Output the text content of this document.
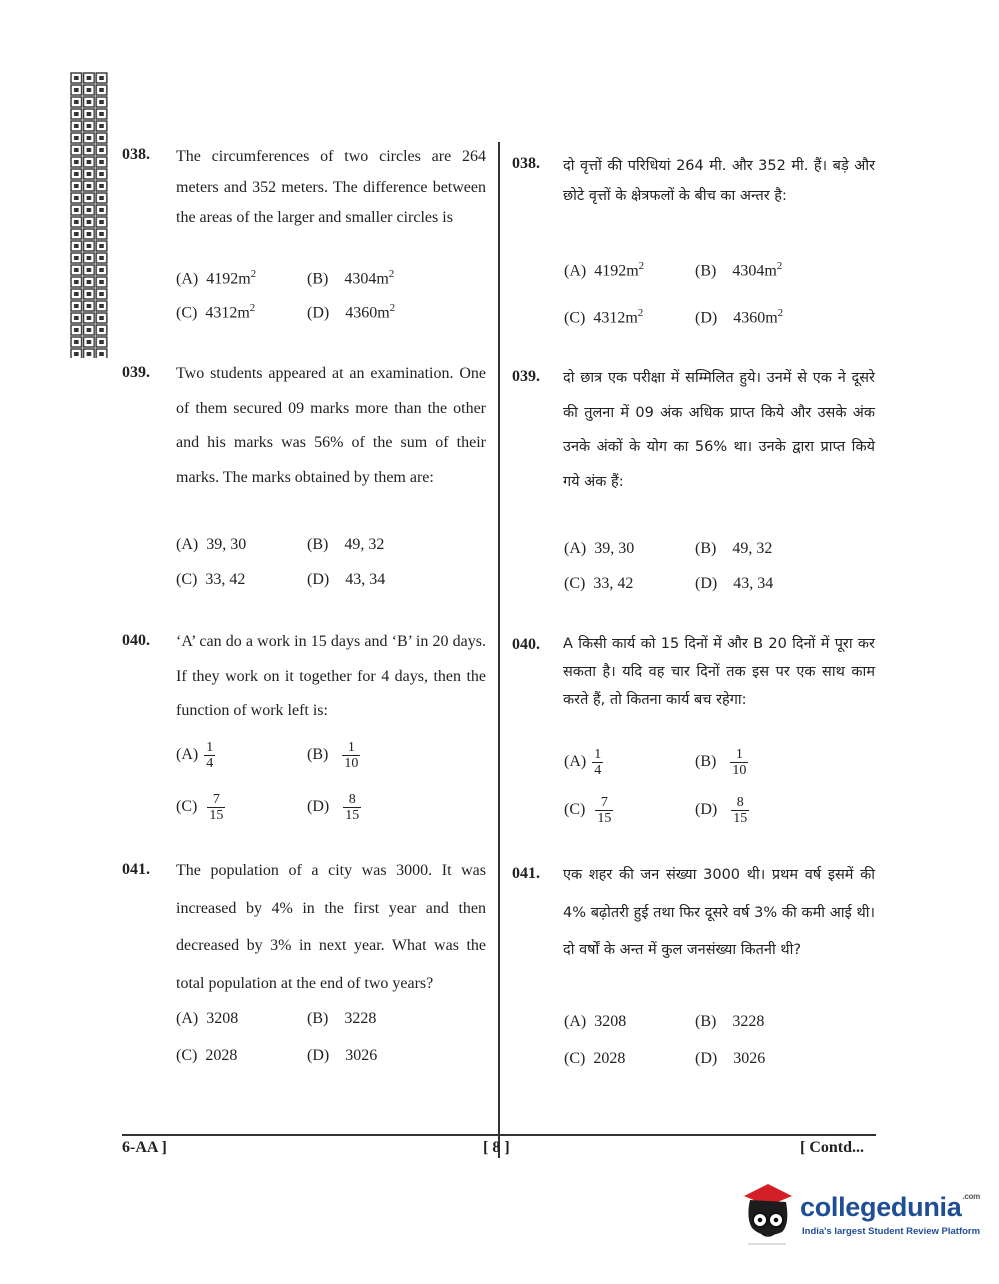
038. The circumferences of two circles are 264 meters and 352 meters. The difference between the areas of the larger and smaller circles is
(A) $4192m^2$	(B) $4304m^2$
(C) $4312m^2$	(D) $4360m^2$
039. Two students appeared at an examination. One of them secured 09 marks more than the other and his marks was 56% of the sum of their marks. The marks obtained by them are:
(A) 39, 30	(B) 49, 32
(C) 33, 42	(D) 43, 34
040. ‘A’ can do a work in 15 days and ‘B’ in 20 days. If they work on it together for 4 days, then the function of work left is:
$(A) \frac{1}{4}$	$(B) \frac{1}{10}$
$(C) \frac{7}{15}$	$(D) \frac{8}{15}$
041. The population of a city was 3000. It was increased by 4% in the first year and then decreased by 3% in next year. What was the total population at the end of two years?
(A) 3208	(B) 3228
(C) 2028	(D) 3026
038. दो वृत्तों की परिधियां 264 मी. और 352 मी. हैं। बड़े और छोटे वृत्तों के क्षेत्रफलों के बीच का अन्तर है:
(A) $4192m^2$	(B) $4304m^2$
(C) $4312m^2$	(D) $4360m^2$
039. दो छात्र एक परीक्षा में सम्मिलित हुये। उनमें से एक ने दूसरे की तुलना में 09 अंक अधिक प्राप्त किये और उसके अंक उनके अंकों के योग का 56% था। उनके द्वारा प्राप्त किये गये अंक हैं:
(A) 39, 30	(B) 49, 32
(C) 33, 42	(D) 43, 34
040. A किसी कार्य को 15 दिनों में और B 20 दिनों में पूरा कर सकता है। यदि वह चार दिनों तक इस पर एक साथ काम करते हैं, तो कितना कार्य बच रहेगा:
$(A) \frac{1}{4}$	$(B) \frac{1}{10}$
$(C) \frac{7}{15}$	$(D) \frac{8}{15}$
041. एक शहर की जन संख्या 3000 थी। प्रथम वर्ष इसमें की 4% बढ़ोतरी हुई तथा फिर दूसरे वर्ष 3% की कमी आई थी। दो वर्षों के अन्त में कुल जनसंख्या कितनी थी?
(A) 3208	(B) 3228
(C) 2028	(D) 3026
6-AA ]	[ 8 ]	[ Contd...
collegedunia$^{.com}$
India's largest Student Review Platform
